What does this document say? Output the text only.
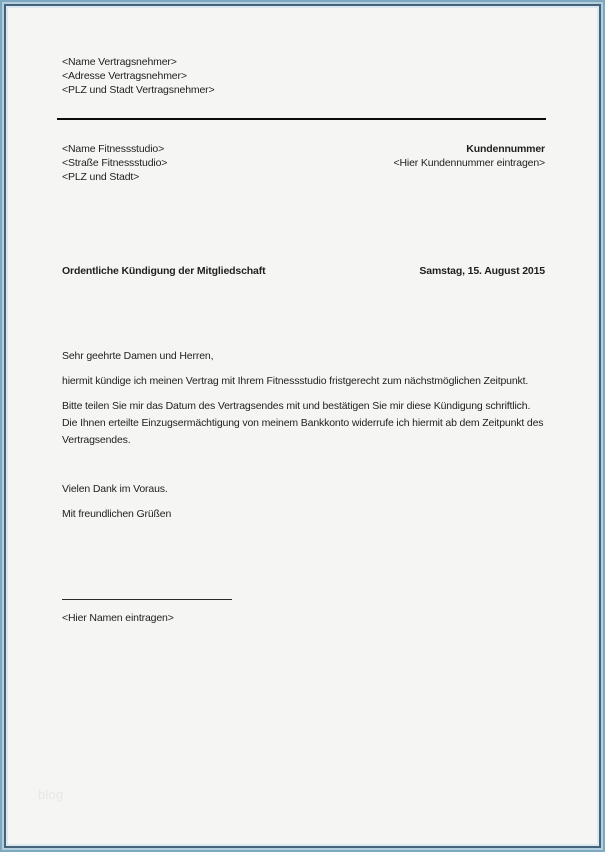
<Name Vertragsnehmer>
<Adresse Vertragsnehmer>
<PLZ und Stadt Vertragsnehmer>
<Name Fitnessstudio>
<Straße Fitnessstudio>
<PLZ und Stadt>
Kundennummer
<Hier Kundennummer eintragen>
Ordentliche Kündigung der Mitgliedschaft	Samstag, 15. August 2015
Sehr geehrte Damen und Herren,
hiermit kündige ich meinen Vertrag mit Ihrem Fitnessstudio fristgerecht zum nächstmöglichen Zeitpunkt.
Bitte teilen Sie mir das Datum des Vertragsendes mit und bestätigen Sie mir diese Kündigung schriftlich.
Die Ihnen erteilte Einzugsermächtigung von meinem Bankkonto widerrufe ich hiermit ab dem Zeitpunkt des
Vertragsendes.
Vielen Dank im Voraus.
Mit freundlichen Grüßen
<Hier Namen eintragen>
blog
